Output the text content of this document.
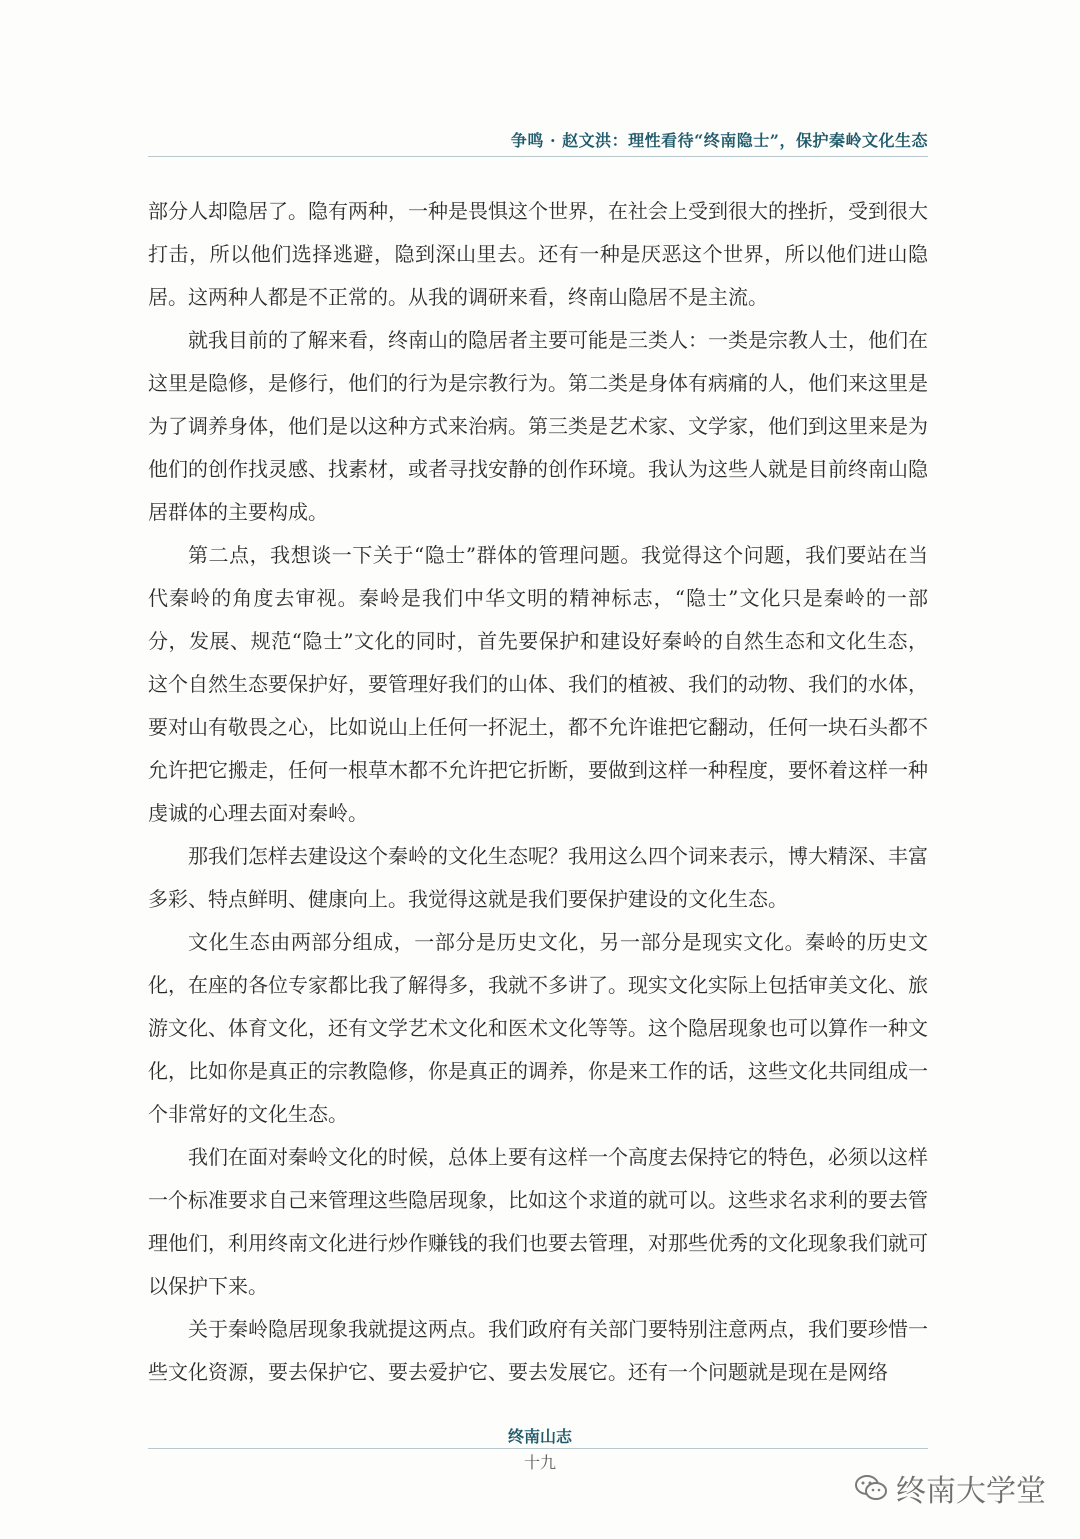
争鸣 · 赵文洪：理性看待“终南隐士”，保护秦岭文化生态

部分人却隐居了。隐有两种，一种是畏惧这个世界，在社会上受到很大的挫折，受到很大打击，所以他们选择逃避，隐到深山里去。还有一种是厌恶这个世界，所以他们进山隐居。这两种人都是不正常的。从我的调研来看，终南山隐居不是主流。

就我目前的了解来看，终南山的隐居者主要可能是三类人：一类是宗教人士，他们在这里是隐修，是修行，他们的行为是宗教行为。第二类是身体有病痛的人，他们来这里是为了调养身体，他们是以这种方式来治病。第三类是艺术家、文学家，他们到这里来是为他们的创作找灵感、找素材，或者寻找安静的创作环境。我认为这些人就是目前终南山隐居群体的主要构成。

第二点，我想谈一下关于“隐士”群体的管理问题。我觉得这个问题，我们要站在当代秦岭的角度去审视。秦岭是我们中华文明的精神标志，“隐士”文化只是秦岭的一部分，发展、规范“隐士”文化的同时，首先要保护和建设好秦岭的自然生态和文化生态，这个自然生态要保护好，要管理好我们的山体、我们的植被、我们的动物、我们的水体，要对山有敬畏之心，比如说山上任何一抔泥土，都不允许谁把它翻动，任何一块石头都不允许把它搬走，任何一根草木都不允许把它折断，要做到这样一种程度，要怀着这样一种虔诚的心理去面对秦岭。

那我们怎样去建设这个秦岭的文化生态呢？我用这么四个词来表示，博大精深、丰富多彩、特点鲜明、健康向上。我觉得这就是我们要保护建设的文化生态。

文化生态由两部分组成，一部分是历史文化，另一部分是现实文化。秦岭的历史文化，在座的各位专家都比我了解得多，我就不多讲了。现实文化实际上包括审美文化、旅游文化、体育文化，还有文学艺术文化和医术文化等等。这个隐居现象也可以算作一种文化，比如你是真正的宗教隐修，你是真正的调养，你是来工作的话，这些文化共同组成一个非常好的文化生态。

我们在面对秦岭文化的时候，总体上要有这样一个高度去保持它的特色，必须以这样一个标准要求自己来管理这些隐居现象，比如这个求道的就可以。这些求名求利的要去管理他们，利用终南文化进行炒作赚钱的我们也要去管理，对那些优秀的文化现象我们就可以保护下来。

关于秦岭隐居现象我就提这两点。我们政府有关部门要特别注意两点，我们要珍惜一些文化资源，要去保护它、要去爱护它、要去发展它。还有一个问题就是现在是网络

终南山志
十九
终南大学堂
